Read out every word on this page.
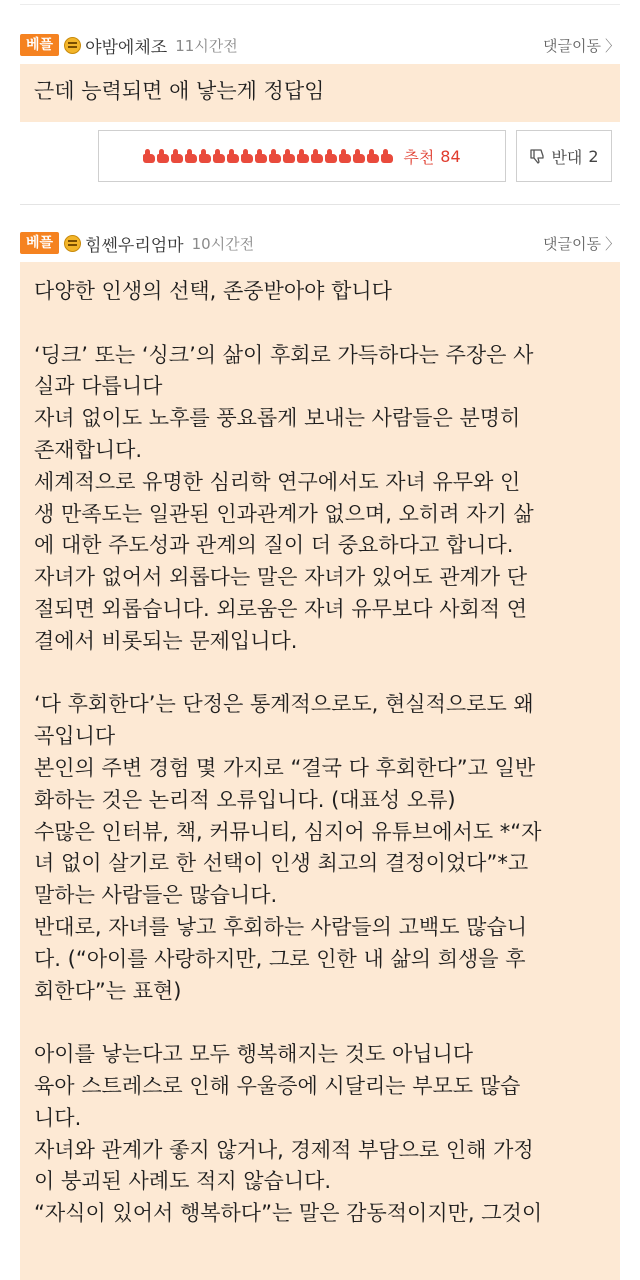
베플	야밤에체조 11시간전	댓글이동 〉
근데 능력되면 애 낳는게 정답임
추천 84	반대 2
베플	힘쎈우리엄마 10시간전	댓글이동 〉
다양한 인생의 선택, 존중받아야 합니다

‘딩크’ 또는 ‘싱크’의 삶이 후회로 가득하다는 주장은 사
실과 다릅니다
자녀 없이도 노후를 풍요롭게 보내는 사람들은 분명히
존재합니다.
세계적으로 유명한 심리학 연구에서도 자녀 유무와 인
생 만족도는 일관된 인과관계가 없으며, 오히려 자기 삶
에 대한 주도성과 관계의 질이 더 중요하다고 합니다.
자녀가 없어서 외롭다는 말은 자녀가 있어도 관계가 단
절되면 외롭습니다. 외로움은 자녀 유무보다 사회적 연
결에서 비롯되는 문제입니다.

‘다 후회한다’는 단정은 통계적으로도, 현실적으로도 왜
곡입니다
본인의 주변 경험 몇 가지로 “결국 다 후회한다”고 일반
화하는 것은 논리적 오류입니다. (대표성 오류)
수많은 인터뷰, 책, 커뮤니티, 심지어 유튜브에서도 *“자
녀 없이 살기로 한 선택이 인생 최고의 결정이었다”*고
말하는 사람들은 많습니다.
반대로, 자녀를 낳고 후회하는 사람들의 고백도 많습니
다. (“아이를 사랑하지만, 그로 인한 내 삶의 희생을 후
회한다”는 표현)

아이를 낳는다고 모두 행복해지는 것도 아닙니다
육아 스트레스로 인해 우울증에 시달리는 부모도 많습
니다.
자녀와 관계가 좋지 않거나, 경제적 부담으로 인해 가정
이 붕괴된 사례도 적지 않습니다.
“자식이 있어서 행복하다”는 말은 감동적이지만, 그것이
